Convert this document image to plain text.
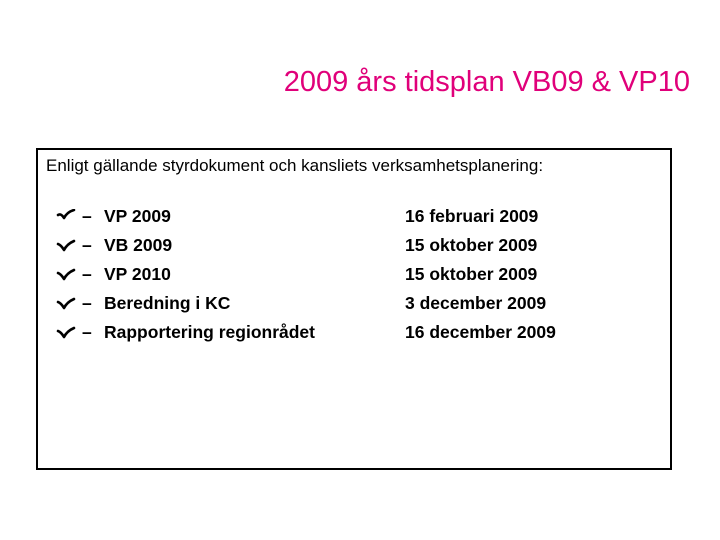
2009 års tidsplan VB09 & VP10
Enligt gällande styrdokument och kansliets verksamhetsplanering:
– VP 2009	16 februari 2009
– VB 2009	15 oktober 2009
– VP 2010	15 oktober 2009
– Beredning i KC	3 december 2009
– Rapportering regionrådet	16 december 2009
